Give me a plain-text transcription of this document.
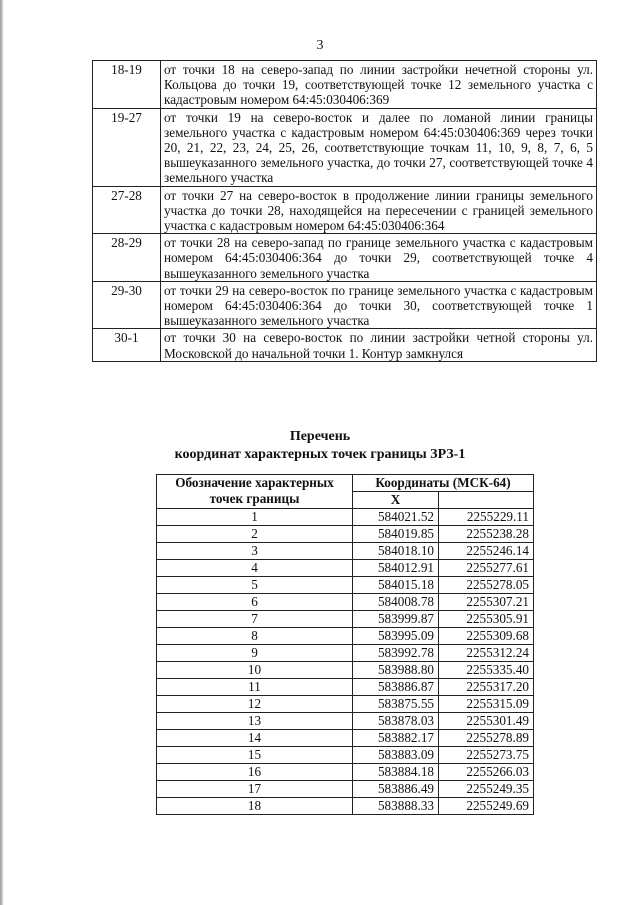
3
18-19	от точки 18 на северо-запад по линии застройки нечетной стороны ул. Кольцова до точки 19, соответствующей точке 12 земельного участка с кадастровым номером 64:45:030406:369
19-27	от точки 19 на северо-восток и далее по ломаной линии границы земельного участка с кадастровым номером 64:45:030406:369 через точки 20, 21, 22, 23, 24, 25, 26, соответствующие точкам 11, 10, 9, 8, 7, 6, 5 вышеуказанного земельного участка, до точки 27, соответствующей точке 4 земельного участка
27-28	от точки 27 на северо-восток в продолжение линии границы земельного участка до точки 28, находящейся на пересечении с границей земельного участка с кадастровым номером 64:45:030406:364
28-29	от точки 28 на северо-запад по границе земельного участка с кадастровым номером 64:45:030406:364 до точки 29, соответствующей точке 4 вышеуказанного земельного участка
29-30	от точки 29 на северо-восток по границе земельного участка с кадастровым номером 64:45:030406:364 до точки 30, соответствующей точке 1 вышеуказанного земельного участка
30-1	от точки 30 на северо-восток по линии застройки четной стороны ул. Московской до начальной точки 1. Контур замкнулся
Перечень
координат характерных точек границы ЗРЗ-1
Обозначение характерных точек границы	Координаты (МСК-64)	
	X	
1	584021.52	2255229.11
2	584019.85	2255238.28
3	584018.10	2255246.14
4	584012.91	2255277.61
5	584015.18	2255278.05
6	584008.78	2255307.21
7	583999.87	2255305.91
8	583995.09	2255309.68
9	583992.78	2255312.24
10	583988.80	2255335.40
11	583886.87	2255317.20
12	583875.55	2255315.09
13	583878.03	2255301.49
14	583882.17	2255278.89
15	583883.09	2255273.75
16	583884.18	2255266.03
17	583886.49	2255249.35
18	583888.33	2255249.69
